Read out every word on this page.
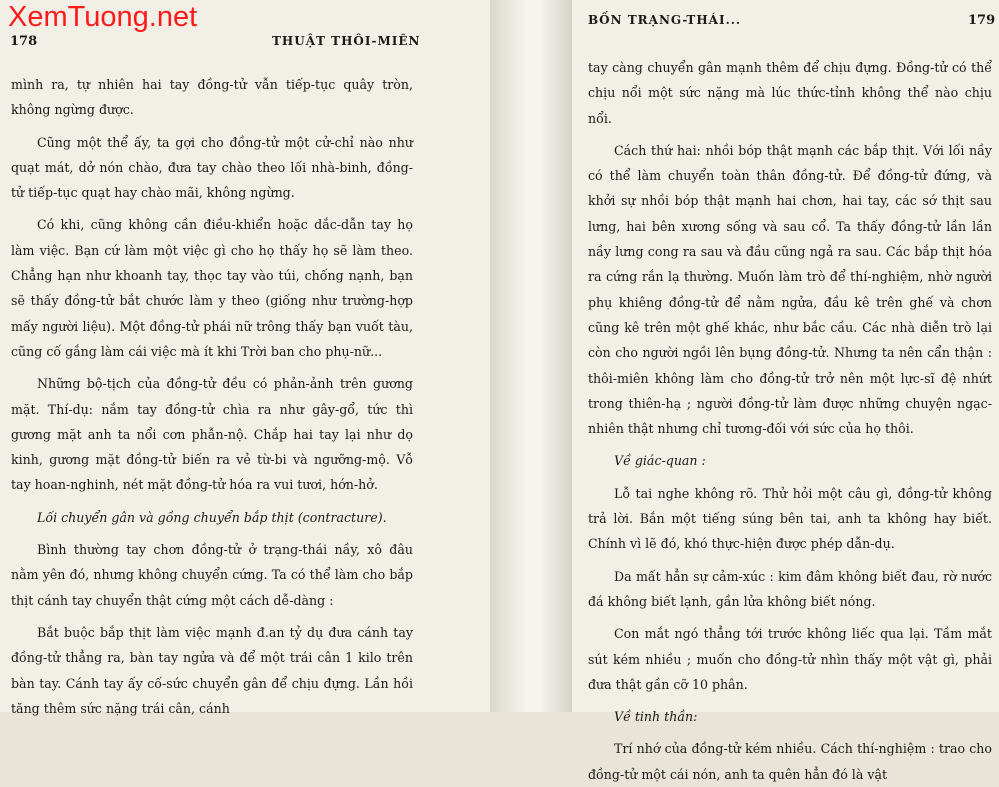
178	THUẬT THÔI-MIÊN

mình ra, tự nhiên hai tay đồng-tử vẫn tiếp-tục quây tròn, không ngừng được.

Cũng một thể ấy, ta gợi cho đồng-tử một cử-chỉ nào như quạt mát, dở nón chào, đưa tay chào theo lối nhà-binh, đồng-tử tiếp-tục quạt hay chào mãi, không ngừng.

Có khi, cũng không cần điều-khiển hoặc dắc-dẫn tay họ làm việc. Bạn cứ làm một việc gì cho họ thấy họ sẽ làm theo. Chẳng hạn như khoanh tay, thọc tay vào túi, chống nạnh, bạn sẽ thấy đồng-tử bắt chước làm y theo (giống như trường-hợp mấy người liệu). Một đồng-tử phái nữ trông thấy bạn vuốt tàu, cũng cố gắng làm cái việc mà ít khi Trời ban cho phụ-nữ...

Những bộ-tịch của đồng-tử đều có phản-ảnh trên gương mặt. Thí-dụ: nắm tay đồng-tử chìa ra như gây-gổ, tức thì gương mặt anh ta nổi cơn phẫn-nộ. Chắp hai tay lại như dọ kinh, gương mặt đồng-tử biến ra vẻ từ-bi và ngưỡng-mộ. Vỗ tay hoan-nghinh, nét mặt đồng-tử hóa ra vui tươi, hớn-hở.

Lối chuyển gân và gồng chuyển bắp thịt (contracture).

Bình thường tay chơn đồng-tử ở trạng-thái nầy, xô đâu nằm yên đó, nhưng không chuyển cứng. Ta có thể làm cho bắp thịt cánh tay chuyển thật cứng một cách dễ-dàng :

Bắt buộc bắp thịt làm việc mạnh đ.an tỷ dụ đưa cánh tay đồng-tử thẳng ra, bàn tay ngửa và để một trái cân 1 kilo trên bàn tay. Cánh tay ấy cố-sức chuyển gân để chịu đựng. Lần hồi tăng thêm sức nặng trái cân, cánh

XemTuong.net	BỐN TRẠNG-THÁI...	179

tay càng chuyển gân mạnh thêm để chịu đựng. Đồng-tử có thể chịu nổi một sức nặng mà lúc thức-tỉnh không thể nào chịu nổi.

Cách thứ hai: nhồi bóp thật mạnh các bắp thịt. Với lối nầy có thể làm chuyển toàn thân đồng-tử. Để đồng-tử đứng, và khởi sự nhồi bóp thật mạnh hai chơn, hai tay, các sớ thịt sau lưng, hai bên xương sống và sau cổ. Ta thấy đồng-tử lần lần nầy lưng cong ra sau và đầu cũng ngả ra sau. Các bắp thịt hóa ra cứng rắn lạ thường. Muốn làm trò để thí-nghiệm, nhờ người phụ khiêng đồng-tử để nằm ngửa, đầu kê trên ghế và chơn cũng kê trên một ghế khác, như bắc cầu. Các nhà diễn trò lại còn cho người ngồi lên bụng đồng-tử. Nhưng ta nên cẩn thận : thôi-miên không làm cho đồng-tử trở nên một lực-sĩ đệ nhứt trong thiên-hạ ; người đồng-tử làm được những chuyện ngạc-nhiên thật nhưng chỉ tương-đối với sức của họ thôi.

Về giác-quan :

Lỗ tai nghe không rõ. Thử hỏi một câu gì, đồng-tử không trả lời. Bắn một tiếng súng bên tai, anh ta không hay biết. Chính vì lẽ đó, khó thực-hiện được phép dẫn-dụ.

Da mất hẳn sự cảm-xúc : kim đâm không biết đau, rờ nước đá không biết lạnh, gần lửa không biết nóng.

Con mắt ngó thẳng tới trước không liếc qua lại. Tầm mắt sút kém nhiều ; muốn cho đồng-tử nhìn thấy một vật gì, phải đưa thật gần cỡ 10 phân.

Về tinh thần:

Trí nhớ của đồng-tử kém nhiều. Cách thí-nghiệm : trao cho đồng-tử một cái nón, anh ta quên hẳn đó là vật
